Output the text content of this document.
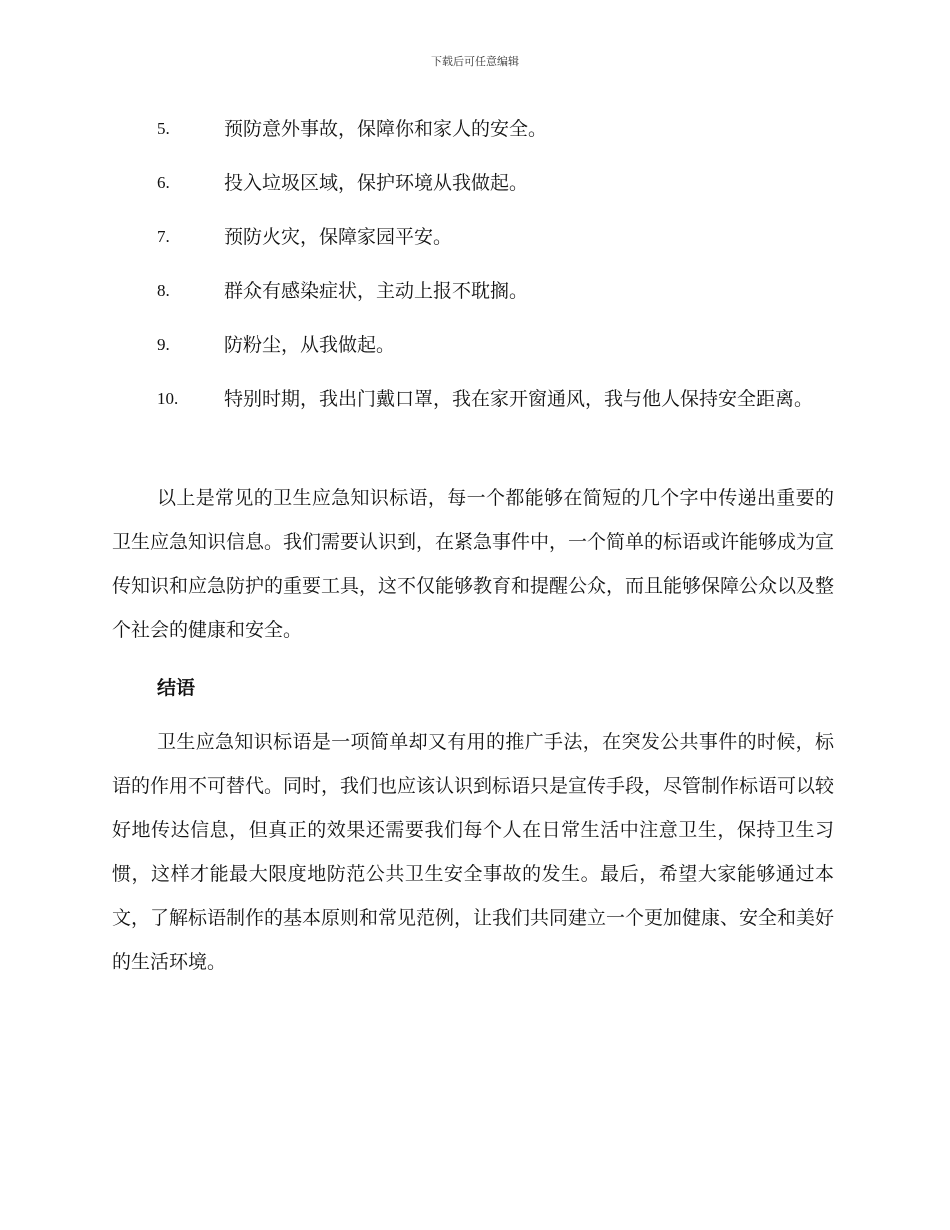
下载后可任意编辑
5.	预防意外事故，保障你和家人的安全。
6.	投入垃圾区域，保护环境从我做起。
7.	预防火灾，保障家园平安。
8.	群众有感染症状，主动上报不耽搁。
9.	防粉尘，从我做起。
10.	特别时期，我出门戴口罩，我在家开窗通风，我与他人保持安全距离。

以上是常见的卫生应急知识标语，每一个都能够在简短的几个字中传递出重要的卫生应急知识信息。我们需要认识到，在紧急事件中，一个简单的标语或许能够成为宣传知识和应急防护的重要工具，这不仅能够教育和提醒公众，而且能够保障公众以及整个社会的健康和安全。

结语

卫生应急知识标语是一项简单却又有用的推广手法，在突发公共事件的时候，标语的作用不可替代。同时，我们也应该认识到标语只是宣传手段，尽管制作标语可以较好地传达信息，但真正的效果还需要我们每个人在日常生活中注意卫生，保持卫生习惯，这样才能最大限度地防范公共卫生安全事故的发生。最后，希望大家能够通过本文，了解标语制作的基本原则和常见范例，让我们共同建立一个更加健康、安全和美好的生活环境。
